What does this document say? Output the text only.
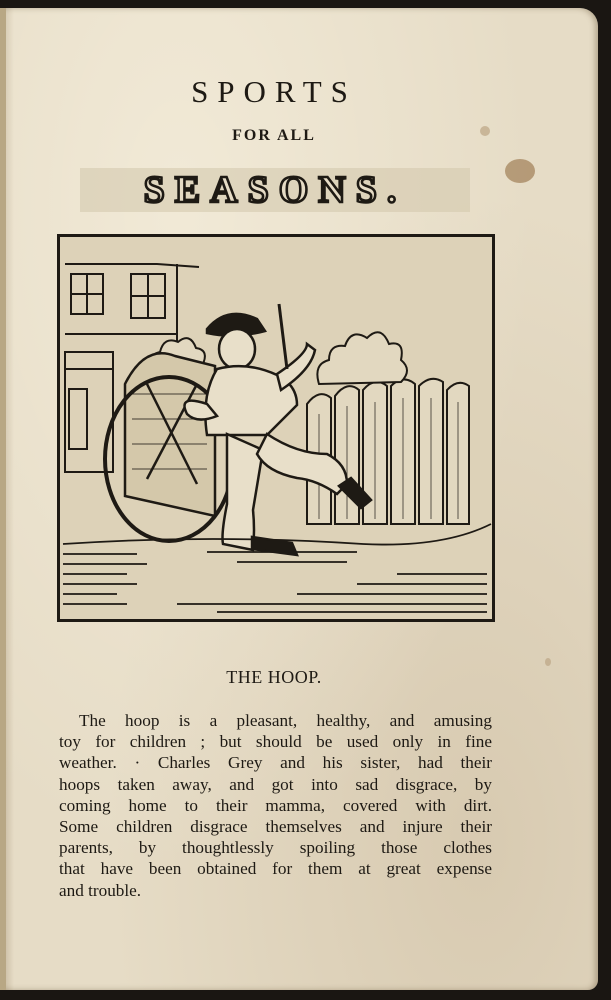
SPORTS
FOR ALL
SEASONS.
THE HOOP.
The hoop is a pleasant, healthy, and amusing
toy for children ; but should be used only in fine
weather. · Charles Grey and his sister, had their
hoops taken away, and got into sad disgrace, by
coming home to their mamma, covered with dirt.
Some children disgrace themselves and injure their
parents, by thoughtlessly spoiling those clothes
that have been obtained for them at great expense
and trouble.
